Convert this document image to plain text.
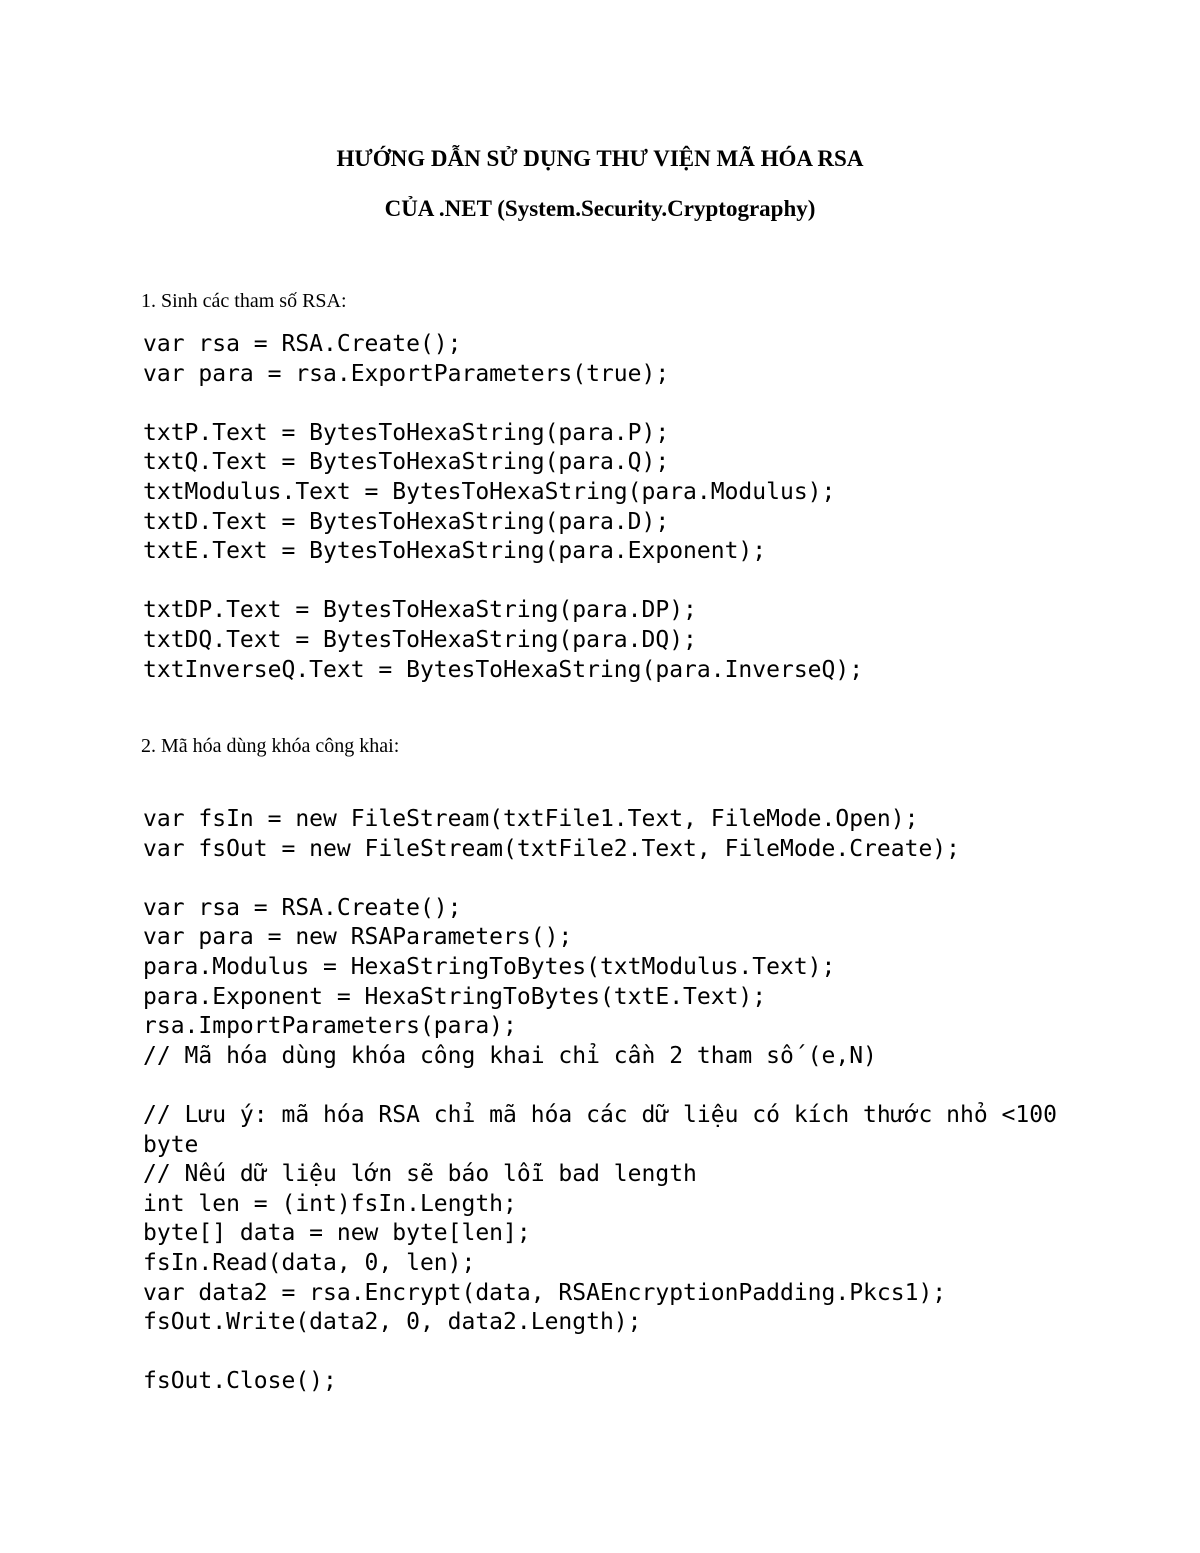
HƯỚNG DẪN SỬ DỤNG THƯ VIỆN MÃ HÓA RSA
CỦA .NET (System.Security.Cryptography)

1. Sinh các tham số RSA:

var rsa = RSA.Create();
var para = rsa.ExportParameters(true);
txtP.Text = BytesToHexaString(para.P);
txtQ.Text = BytesToHexaString(para.Q);
txtModulus.Text = BytesToHexaString(para.Modulus);
txtD.Text = BytesToHexaString(para.D);
txtE.Text = BytesToHexaString(para.Exponent);
txtDP.Text = BytesToHexaString(para.DP);
txtDQ.Text = BytesToHexaString(para.DQ);
txtInverseQ.Text = BytesToHexaString(para.InverseQ);

2. Mã hóa dùng khóa công khai:

var fsIn = new FileStream(txtFile1.Text, FileMode.Open);
var fsOut = new FileStream(txtFile2.Text, FileMode.Create);
var rsa = RSA.Create();
var para = new RSAParameters();
para.Modulus = HexaStringToBytes(txtModulus.Text);
para.Exponent = HexaStringToBytes(txtE.Text);
rsa.ImportParameters(para);
// Mã hóa dùng khóa công khai chỉ cần 2 tham số (e,N)
// Lưu ý: mã hóa RSA chỉ mã hóa các dữ liệu có kích thước nhỏ <100
byte
// Nếu dữ liệu lớn sẽ báo lỗi bad length
int len = (int)fsIn.Length;
byte[] data = new byte[len];
fsIn.Read(data, 0, len);
var data2 = rsa.Encrypt(data, RSAEncryptionPadding.Pkcs1);
fsOut.Write(data2, 0, data2.Length);
fsOut.Close();
